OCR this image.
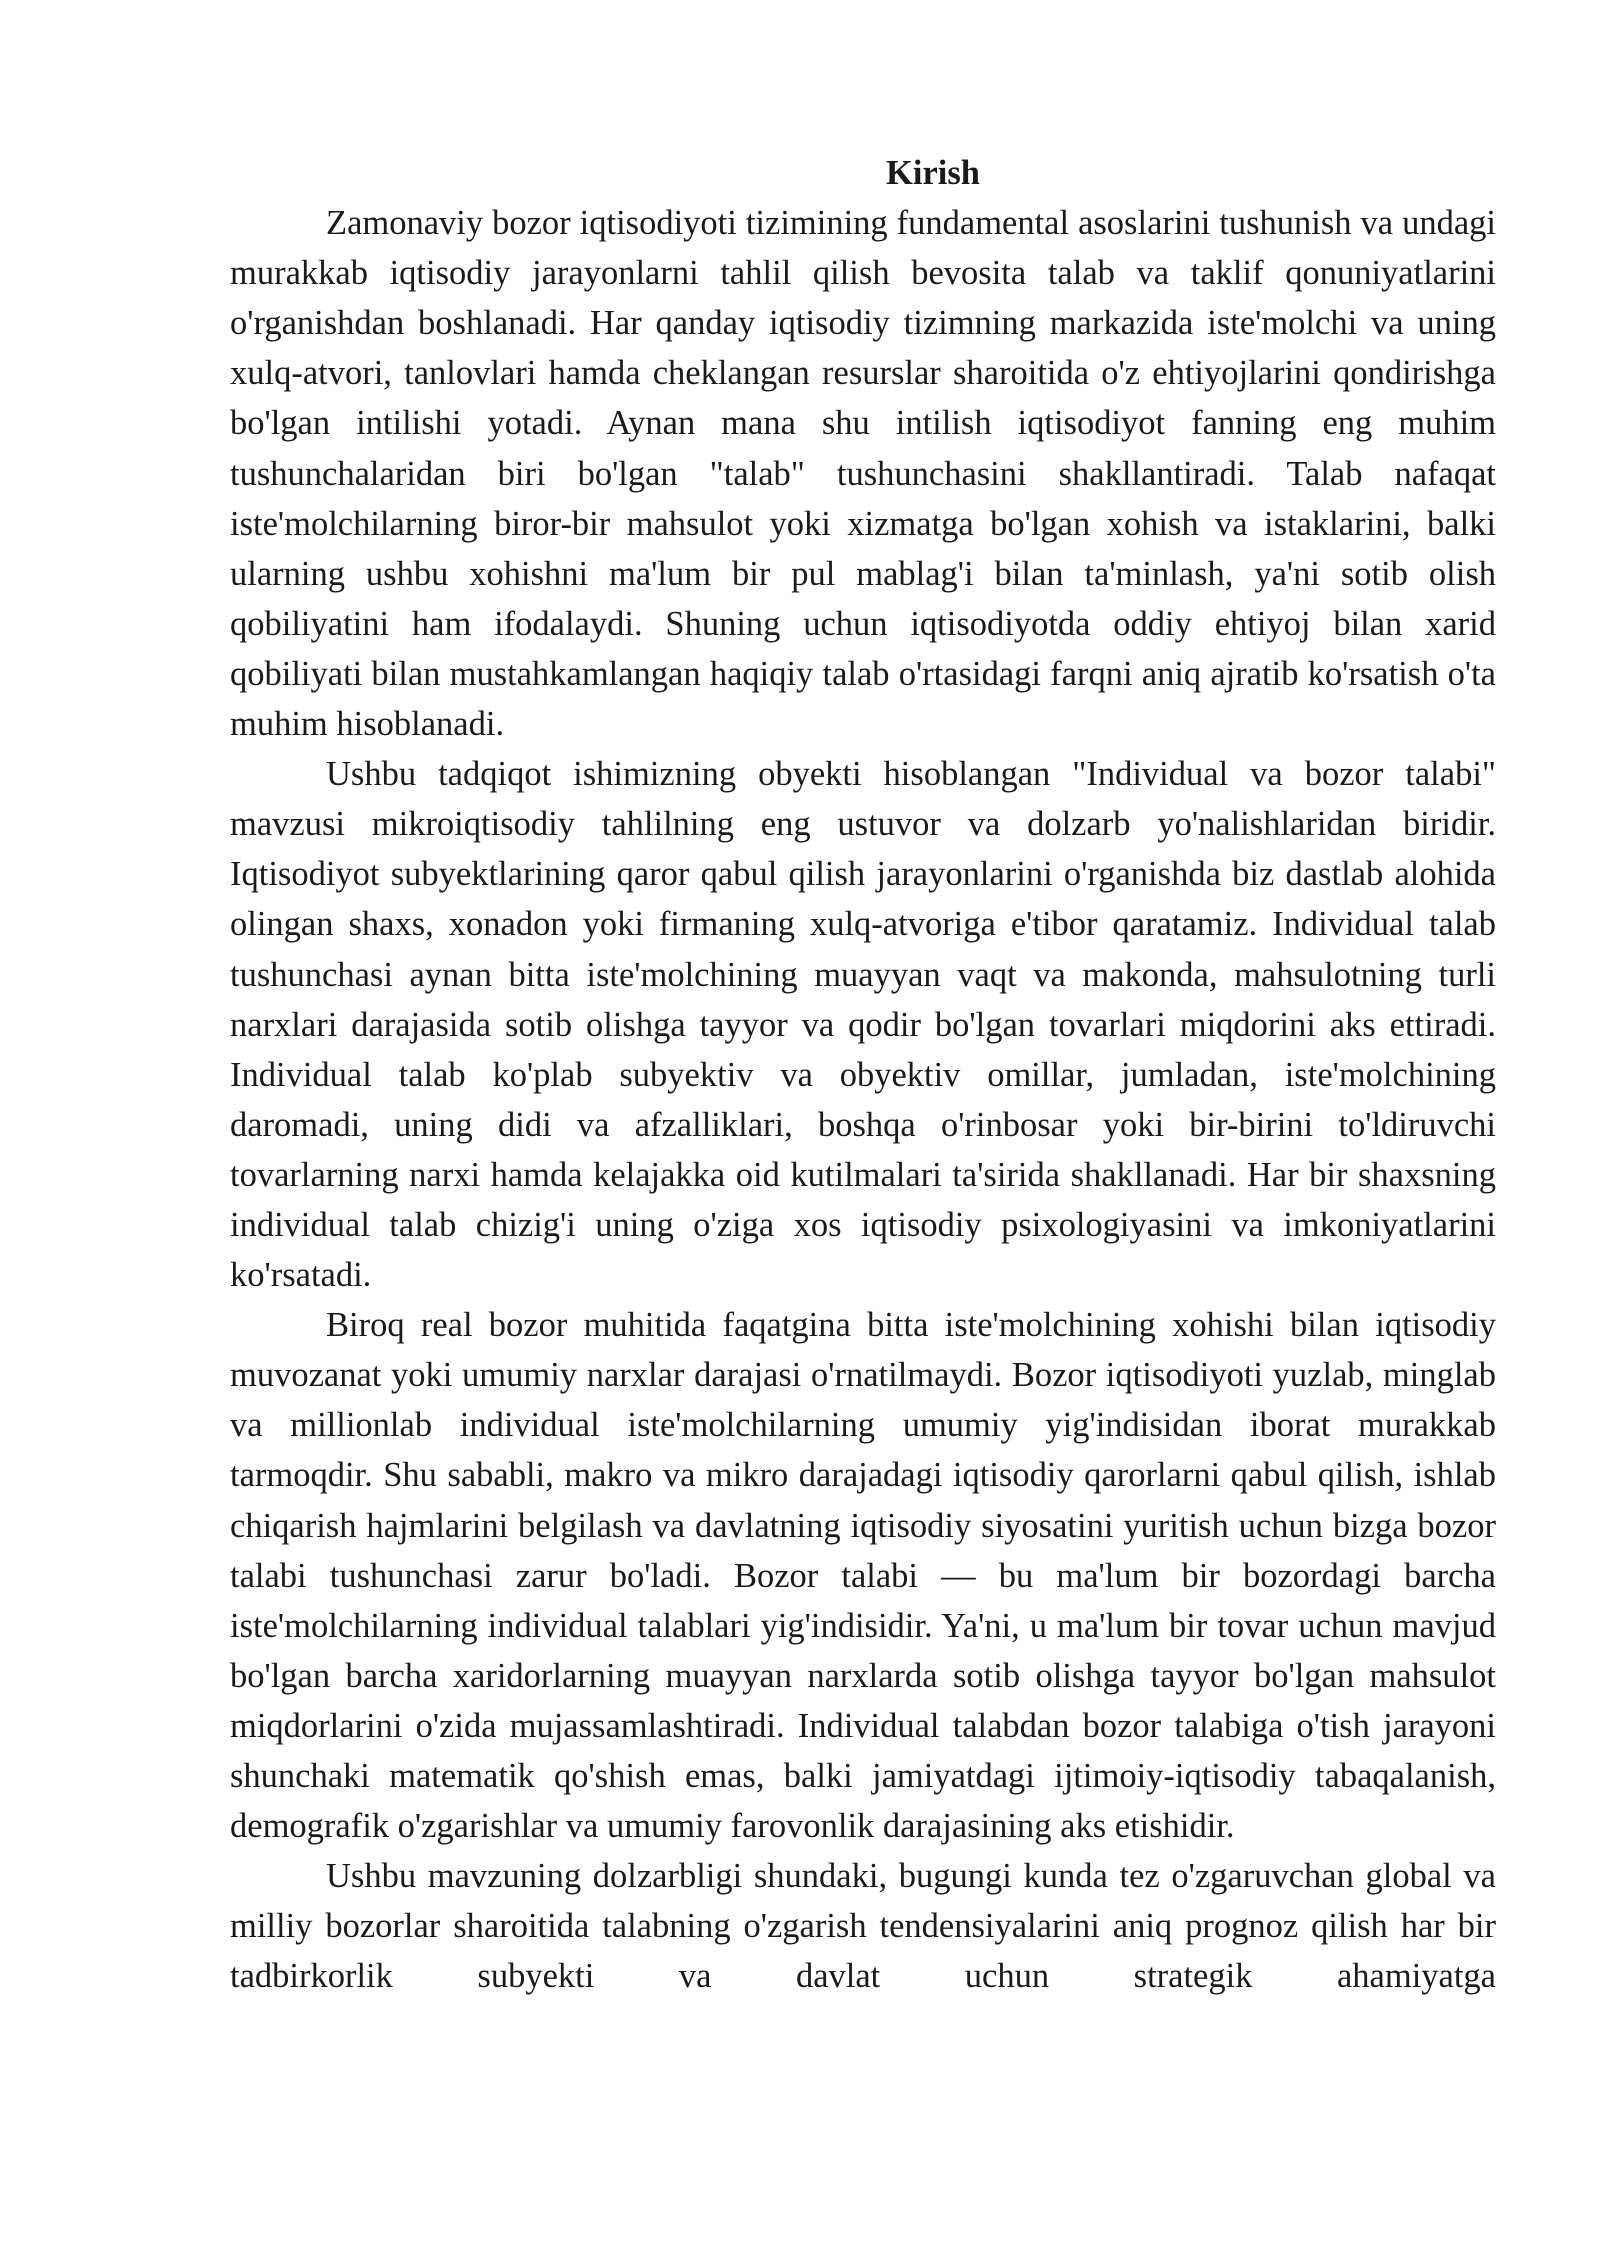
Kirish

Zamonaviy bozor iqtisodiyoti tizimining fundamental asoslarini tushunish va undagi murakkab iqtisodiy jarayonlarni tahlil qilish bevosita talab va taklif qonuniyatlarini o'rganishdan boshlanadi. Har qanday iqtisodiy tizimning markazida iste'molchi va uning xulq-atvori, tanlovlari hamda cheklangan resurslar sharoitida o'z ehtiyojlarini qondirishga bo'lgan intilishi yotadi. Aynan mana shu intilish iqtisodiyot fanning eng muhim tushunchalaridan biri bo'lgan "talab" tushunchasini shakllantiradi. Talab nafaqat iste'molchilarning biror-bir mahsulot yoki xizmatga bo'lgan xohish va istaklarini, balki ularning ushbu xohishni ma'lum bir pul mablag'i bilan ta'minlash, ya'ni sotib olish qobiliyatini ham ifodalaydi. Shuning uchun iqtisodiyotda oddiy ehtiyoj bilan xarid qobiliyati bilan mustahkamlangan haqiqiy talab o'rtasidagi farqni aniq ajratib ko'rsatish o'ta muhim hisoblanadi.

Ushbu tadqiqot ishimizning obyekti hisoblangan "Individual va bozor talabi" mavzusi mikroiqtisodiy tahlilning eng ustuvor va dolzarb yo'nalishlaridan biridir. Iqtisodiyot subyektlarining qaror qabul qilish jarayonlarini o'rganishda biz dastlab alohida olingan shaxs, xonadon yoki firmaning xulq-atvoriga e'tibor qaratamiz. Individual talab tushunchasi aynan bitta iste'molchining muayyan vaqt va makonda, mahsulotning turli narxlari darajasida sotib olishga tayyor va qodir bo'lgan tovarlari miqdorini aks ettiradi. Individual talab ko'plab subyektiv va obyektiv omillar, jumladan, iste'molchining daromadi, uning didi va afzalliklari, boshqa o'rinbosar yoki bir-birini to'ldiruvchi tovarlarning narxi hamda kelajakka oid kutilmalari ta'sirida shakllanadi. Har bir shaxsning individual talab chizig'i uning o'ziga xos iqtisodiy psixologiyasini va imkoniyatlarini ko'rsatadi.

Biroq real bozor muhitida faqatgina bitta iste'molchining xohishi bilan iqtisodiy muvozanat yoki umumiy narxlar darajasi o'rnatilmaydi. Bozor iqtisodiyoti yuzlab, minglab va millionlab individual iste'molchilarning umumiy yig'indisidan iborat murakkab tarmoqdir. Shu sababli, makro va mikro darajadagi iqtisodiy qarorlarni qabul qilish, ishlab chiqarish hajmlarini belgilash va davlatning iqtisodiy siyosatini yuritish uchun bizga bozor talabi tushunchasi zarur bo'ladi. Bozor talabi — bu ma'lum bir bozordagi barcha iste'molchilarning individual talablari yig'indisidir. Ya'ni, u ma'lum bir tovar uchun mavjud bo'lgan barcha xaridorlarning muayyan narxlarda sotib olishga tayyor bo'lgan mahsulot miqdorlarini o'zida mujassamlashtiradi. Individual talabdan bozor talabiga o'tish jarayoni shunchaki matematik qo'shish emas, balki jamiyatdagi ijtimoiy-iqtisodiy tabaqalanish, demografik o'zgarishlar va umumiy farovonlik darajasining aks etishidir.

Ushbu mavzuning dolzarbligi shundaki, bugungi kunda tez o'zgaruvchan global va milliy bozorlar sharoitida talabning o'zgarish tendensiyalarini aniq prognoz qilish har bir tadbirkorlik subyekti va davlat uchun strategik ahamiyatga
